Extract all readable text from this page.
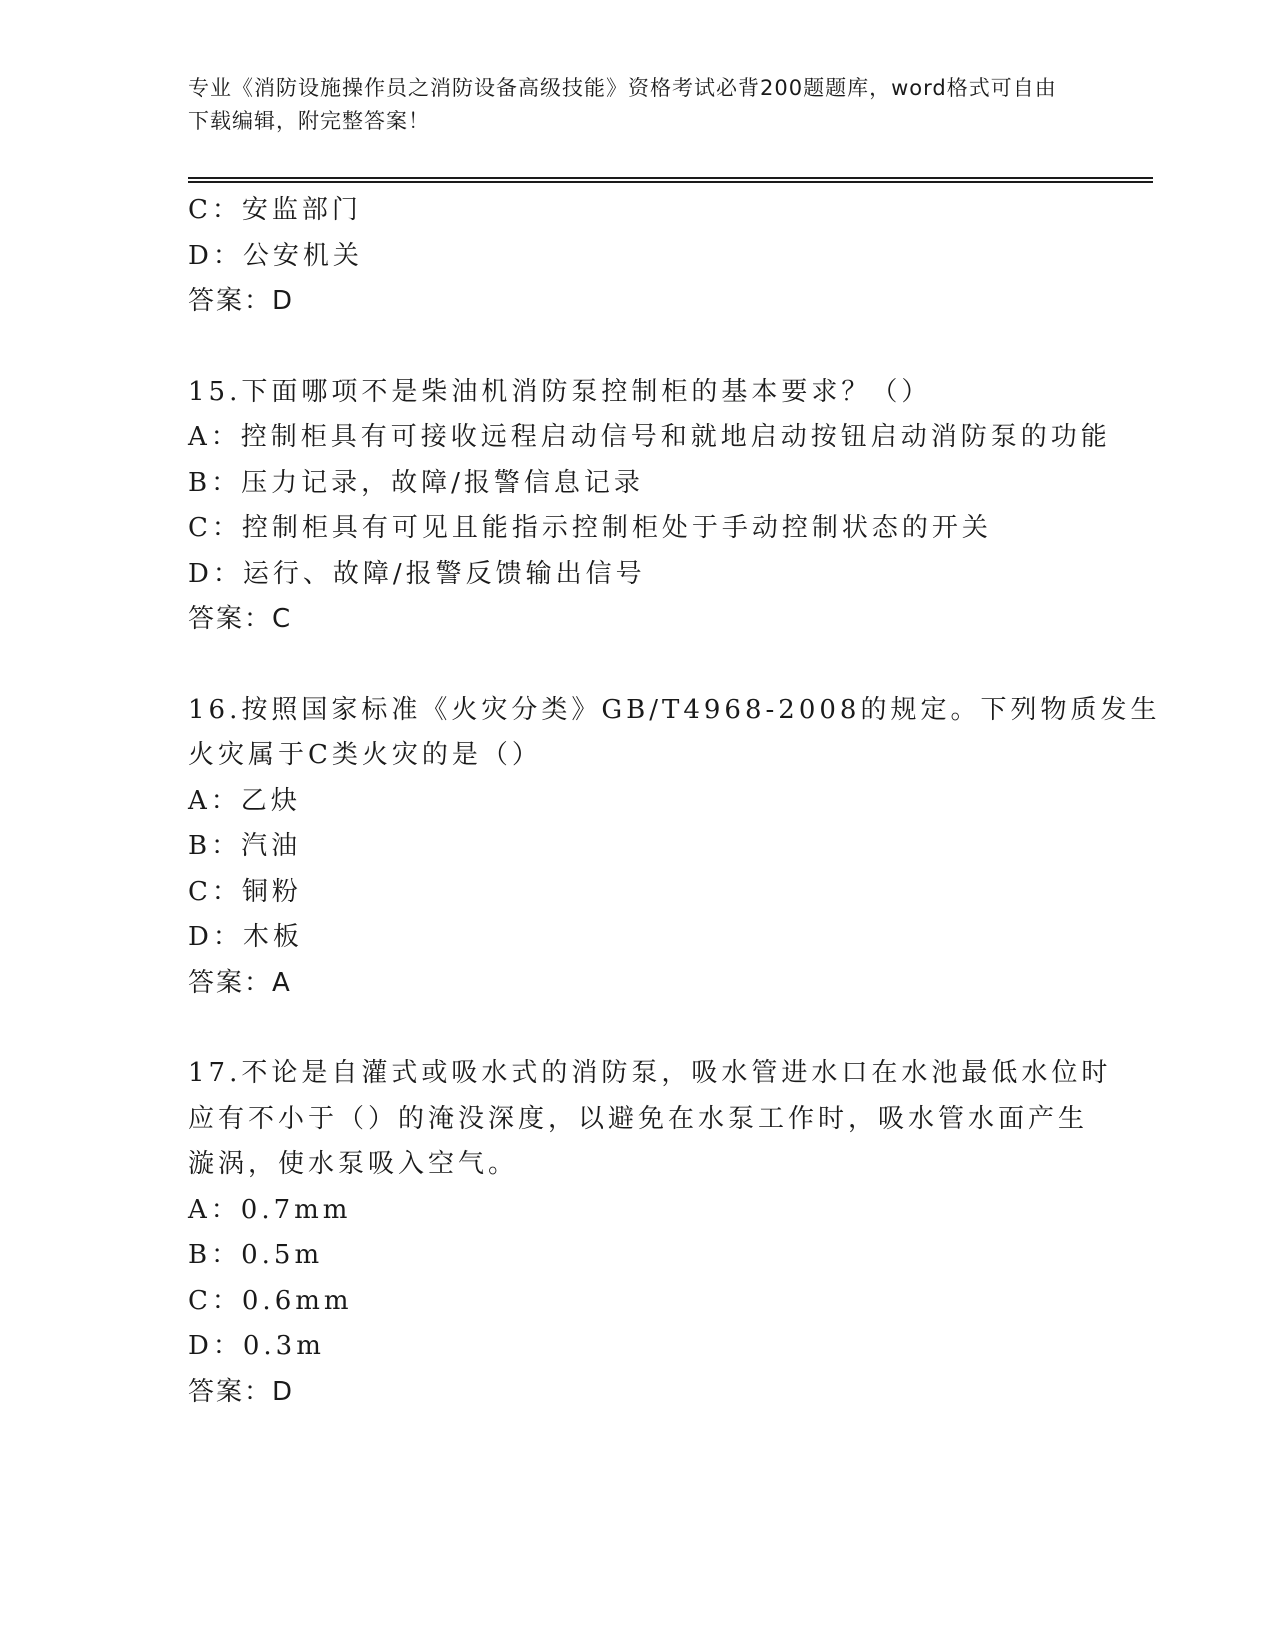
专业《消防设施操作员之消防设备高级技能》资格考试必背200题题库，word格式可自由下载编辑，附完整答案！
C：安监部门
D：公安机关
答案：D
15.下面哪项不是柴油机消防泵控制柜的基本要求？（）
A：控制柜具有可接收远程启动信号和就地启动按钮启动消防泵的功能
B：压力记录，故障/报警信息记录
C：控制柜具有可见且能指示控制柜处于手动控制状态的开关
D：运行、故障/报警反馈输出信号
答案：C
16.按照国家标准《火灾分类》GB/T4968-2008的规定。下列物质发生
火灾属于C类火灾的是（）
A：乙炔
B：汽油
C：铜粉
D：木板
答案：A
17.不论是自灌式或吸水式的消防泵，吸水管进水口在水池最低水位时
应有不小于（）的淹没深度，以避免在水泵工作时，吸水管水面产生
漩涡，使水泵吸入空气。
A：0.7mm
B：0.5m
C：0.6mm
D：0.3m
答案：D
